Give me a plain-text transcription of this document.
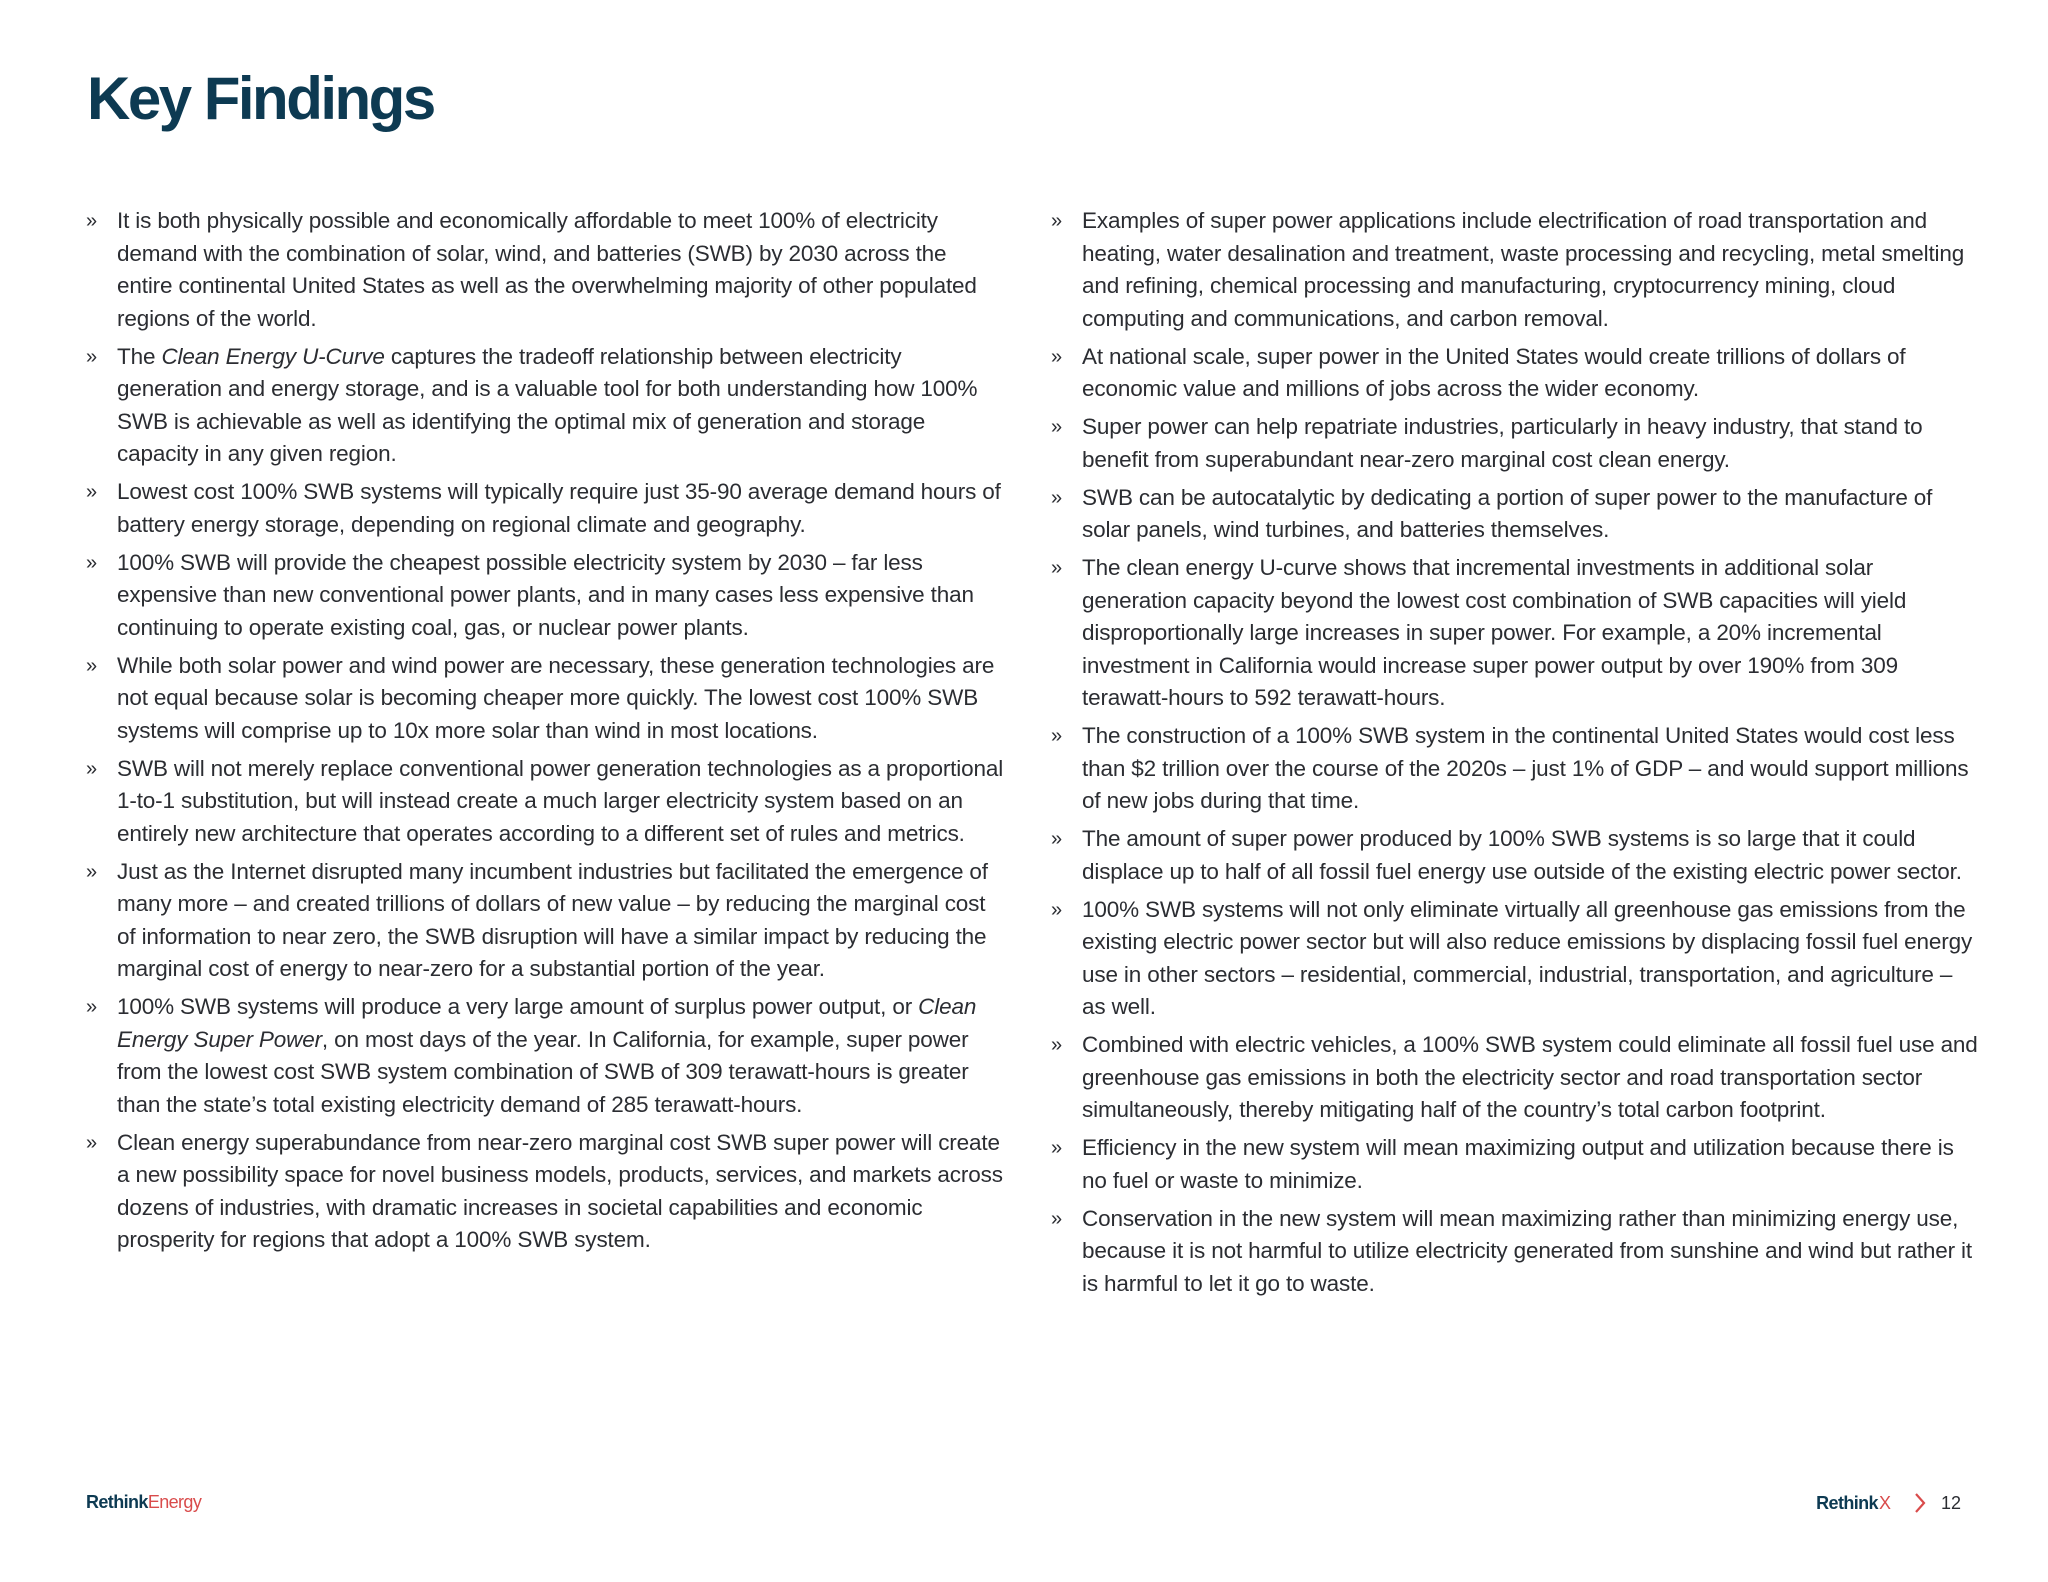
Key Findings
» It is both physically possible and economically affordable to meet 100% of electricity demand with the combination of solar, wind, and batteries (SWB) by 2030 across the entire continental United States as well as the overwhelming majority of other populated regions of the world.
» The Clean Energy U-Curve captures the tradeoff relationship between electricity generation and energy storage, and is a valuable tool for both understanding how 100% SWB is achievable as well as identifying the optimal mix of generation and storage capacity in any given region.
» Lowest cost 100% SWB systems will typically require just 35-90 average demand hours of battery energy storage, depending on regional climate and geography.
» 100% SWB will provide the cheapest possible electricity system by 2030 – far less expensive than new conventional power plants, and in many cases less expensive than continuing to operate existing coal, gas, or nuclear power plants.
» While both solar power and wind power are necessary, these generation technologies are not equal because solar is becoming cheaper more quickly. The lowest cost 100% SWB systems will comprise up to 10x more solar than wind in most locations.
» SWB will not merely replace conventional power generation technologies as a proportional 1-to-1 substitution, but will instead create a much larger electricity system based on an entirely new architecture that operates according to a different set of rules and metrics.
» Just as the Internet disrupted many incumbent industries but facilitated the emergence of many more – and created trillions of dollars of new value – by reducing the marginal cost of information to near zero, the SWB disruption will have a similar impact by reducing the marginal cost of energy to near-zero for a substantial portion of the year.
» 100% SWB systems will produce a very large amount of surplus power output, or Clean Energy Super Power, on most days of the year. In California, for example, super power from the lowest cost SWB system combination of SWB of 309 terawatt-hours is greater than the state’s total existing electricity demand of 285 terawatt-hours.
» Clean energy superabundance from near-zero marginal cost SWB super power will create a new possibility space for novel business models, products, services, and markets across dozens of industries, with dramatic increases in societal capabilities and economic prosperity for regions that adopt a 100% SWB system.
» Examples of super power applications include electrification of road transportation and heating, water desalination and treatment, waste processing and recycling, metal smelting and refining, chemical processing and manufacturing, cryptocurrency mining, cloud computing and communications, and carbon removal.
» At national scale, super power in the United States would create trillions of dollars of economic value and millions of jobs across the wider economy.
» Super power can help repatriate industries, particularly in heavy industry, that stand to benefit from superabundant near-zero marginal cost clean energy.
» SWB can be autocatalytic by dedicating a portion of super power to the manufacture of solar panels, wind turbines, and batteries themselves.
» The clean energy U-curve shows that incremental investments in additional solar generation capacity beyond the lowest cost combination of SWB capacities will yield disproportionally large increases in super power. For example, a 20% incremental investment in California would increase super power output by over 190% from 309 terawatt-hours to 592 terawatt-hours.
» The construction of a 100% SWB system in the continental United States would cost less than $2 trillion over the course of the 2020s – just 1% of GDP – and would support millions of new jobs during that time.
» The amount of super power produced by 100% SWB systems is so large that it could displace up to half of all fossil fuel energy use outside of the existing electric power sector.
» 100% SWB systems will not only eliminate virtually all greenhouse gas emissions from the existing electric power sector but will also reduce emissions by displacing fossil fuel energy use in other sectors – residential, commercial, industrial, transportation, and agriculture – as well.
» Combined with electric vehicles, a 100% SWB system could eliminate all fossil fuel use and greenhouse gas emissions in both the electricity sector and road transportation sector simultaneously, thereby mitigating half of the country’s total carbon footprint.
» Efficiency in the new system will mean maximizing output and utilization because there is no fuel or waste to minimize.
» Conservation in the new system will mean maximizing rather than minimizing energy use, because it is not harmful to utilize electricity generated from sunshine and wind but rather it is harmful to let it go to waste.
RethinkEnergy	Rethink X	12
